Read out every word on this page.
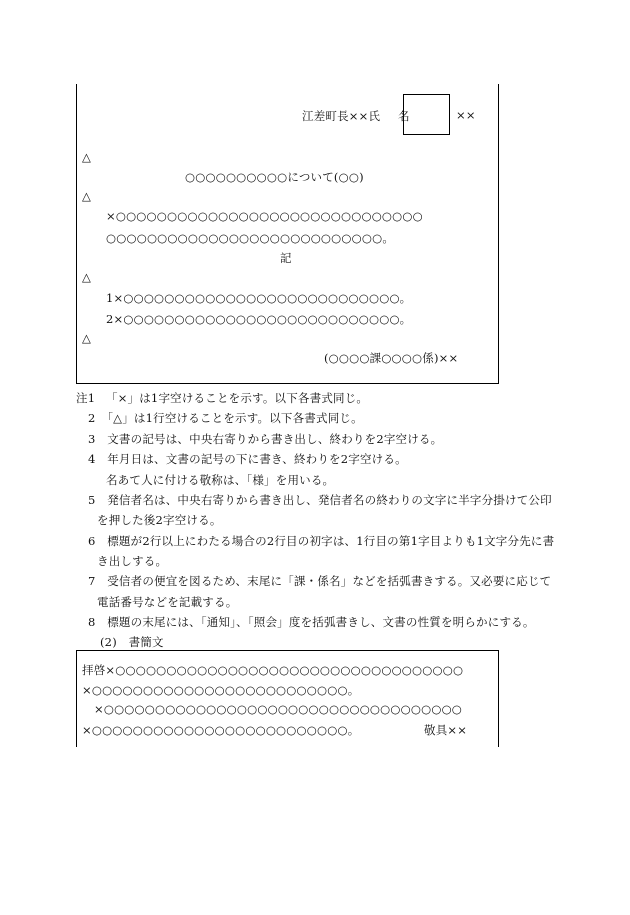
江差町長××氏 名	××
△
○○○○○○○○○○について(○○)
△
×○○○○○○○○○○○○○○○○○○○○○○○○○○○○○○
○○○○○○○○○○○○○○○○○○○○○○○○○○○。
記
△
1×○○○○○○○○○○○○○○○○○○○○○○○○○○○。
2×○○○○○○○○○○○○○○○○○○○○○○○○○○○。
△
(○○○○課○○○○係)××
注1 「×」は1字空けることを示す。以下各書式同じ。
2　「△」は1行空けることを示す。以下各書式同じ。
3　文書の記号は、中央右寄りから書き出し、終わりを2字空ける。
4　年月日は、文書の記号の下に書き、終わりを2字空ける。
名あて人に付ける敬称は、「様」を用いる。
5　発信者名は、中央右寄りから書き出し、発信者名の終わりの文字に半字分掛けて公印
を押した後2字空ける。
6　標題が2行以上にわたる場合の2行目の初字は、1行目の第1字目よりも1文字分先に書
き出しする。
7　受信者の便宜を図るため、末尾に「課・係名」などを括弧書きする。又必要に応じて
電話番号などを記載する。
8　標題の末尾には、「通知」、「照会」度を括弧書きし、文書の性質を明らかにする。
(2)　書簡文
拝啓×○○○○○○○○○○○○○○○○○○○○○○○○○○○○○○○○○○
×○○○○○○○○○○○○○○○○○○○○○○○○○。
×○○○○○○○○○○○○○○○○○○○○○○○○○○○○○○○○○○○
×○○○○○○○○○○○○○○○○○○○○○○○○○。	敬具××
